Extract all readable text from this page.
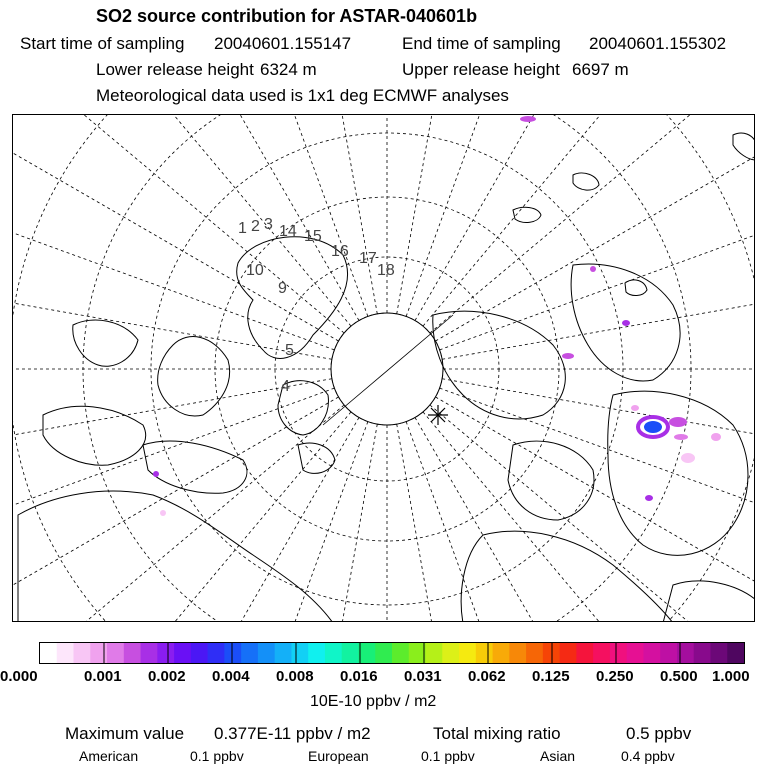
SO2 source contribution for ASTAR-040601b
Start time of sampling 20040601.155147	End time of sampling 20040601.155302
Lower release height 6324 m	Upper release height 6697 m
Meteorological data used is 1x1 deg ECMWF analyses
1 2 3 14 15
16 17
18
10
9
5
4
0.000	0.001 0.002 0.004 0.008 0.016 0.031 0.062 0.125 0.250 0.500 1.000
10E-10 ppbv / m2
Maximum value 0.377E-11 ppbv / m2	Total mixing ratio	0.5 ppbv
American	0.1 ppbv	European	0.1 ppbv	Asian	0.4 ppbv
